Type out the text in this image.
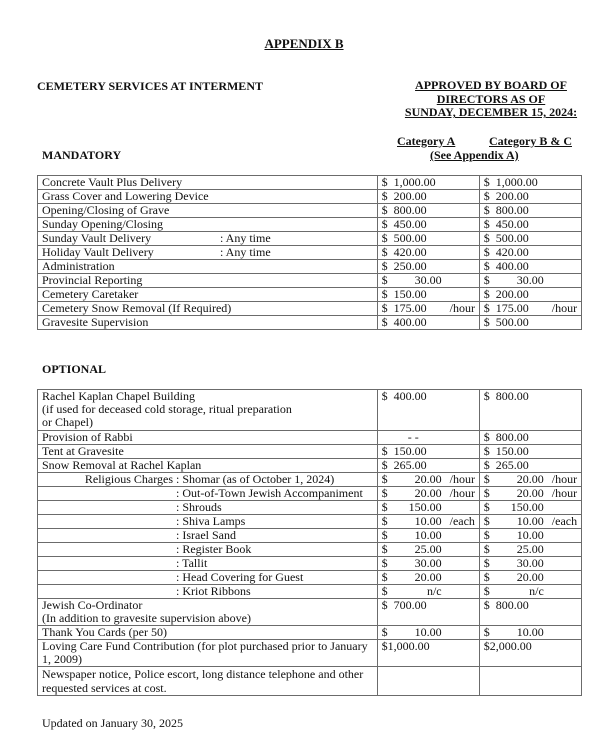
APPENDIX B
CEMETERY SERVICES AT INTERMENT	APPROVED BY BOARD OF
DIRECTORS AS OF
SUNDAY, DECEMBER 15, 2024:
Category A	Category B & C
(See Appendix A)
MANDATORY
Concrete Vault Plus Delivery	$ 1,000.00	$ 1,000.00
Grass Cover and Lowering Device	$ 200.00	$ 200.00
Opening/Closing of Grave	$ 800.00	$ 800.00
Sunday Opening/Closing	$ 450.00	$ 450.00
Sunday Vault Delivery : Any time	$ 500.00	$ 500.00
Holiday Vault Delivery : Any time	$ 420.00	$ 420.00
Administration	$ 250.00	$ 400.00
Provincial Reporting	$ 30.00	$ 30.00
Cemetery Caretaker	$ 150.00	$ 200.00
Cemetery Snow Removal (If Required)	$ 175.00 /hour	$ 175.00 /hour
Gravesite Supervision	$ 400.00	$ 500.00
OPTIONAL
Rachel Kaplan Chapel Building
(if used for deceased cold storage, ritual preparation
or Chapel)	$ 400.00	$ 800.00
Provision of Rabbi	- -	$ 800.00
Tent at Gravesite	$ 150.00	$ 150.00
Snow Removal at Rachel Kaplan	$ 265.00	$ 265.00
Religious Charges : Shomar (as of October 1, 2024)	$ 20.00 /hour	$ 20.00 /hour
: Out-of-Town Jewish Accompaniment	$ 20.00 /hour	$ 20.00 /hour
: Shrouds	$ 150.00	$ 150.00
: Shiva Lamps	$ 10.00 /each	$ 10.00 /each
: Israel Sand	$ 10.00	$ 10.00
: Register Book	$ 25.00	$ 25.00
: Tallit	$ 30.00	$ 30.00
: Head Covering for Guest	$ 20.00	$ 20.00
: Kriot Ribbons	$ n/c	$ n/c

Jewish Co-Ordinator
(In addition to gravesite supervision above)	$ 700.00	$ 800.00
Thank You Cards (per 50)	$ 10.00	$ 10.00
Loving Care Fund Contribution (for plot purchased prior to January 1, 2009)	$1,000.00	$2,000.00
Newspaper notice, Police escort, long distance telephone and other requested services at cost.		
Updated on January 30, 2025
